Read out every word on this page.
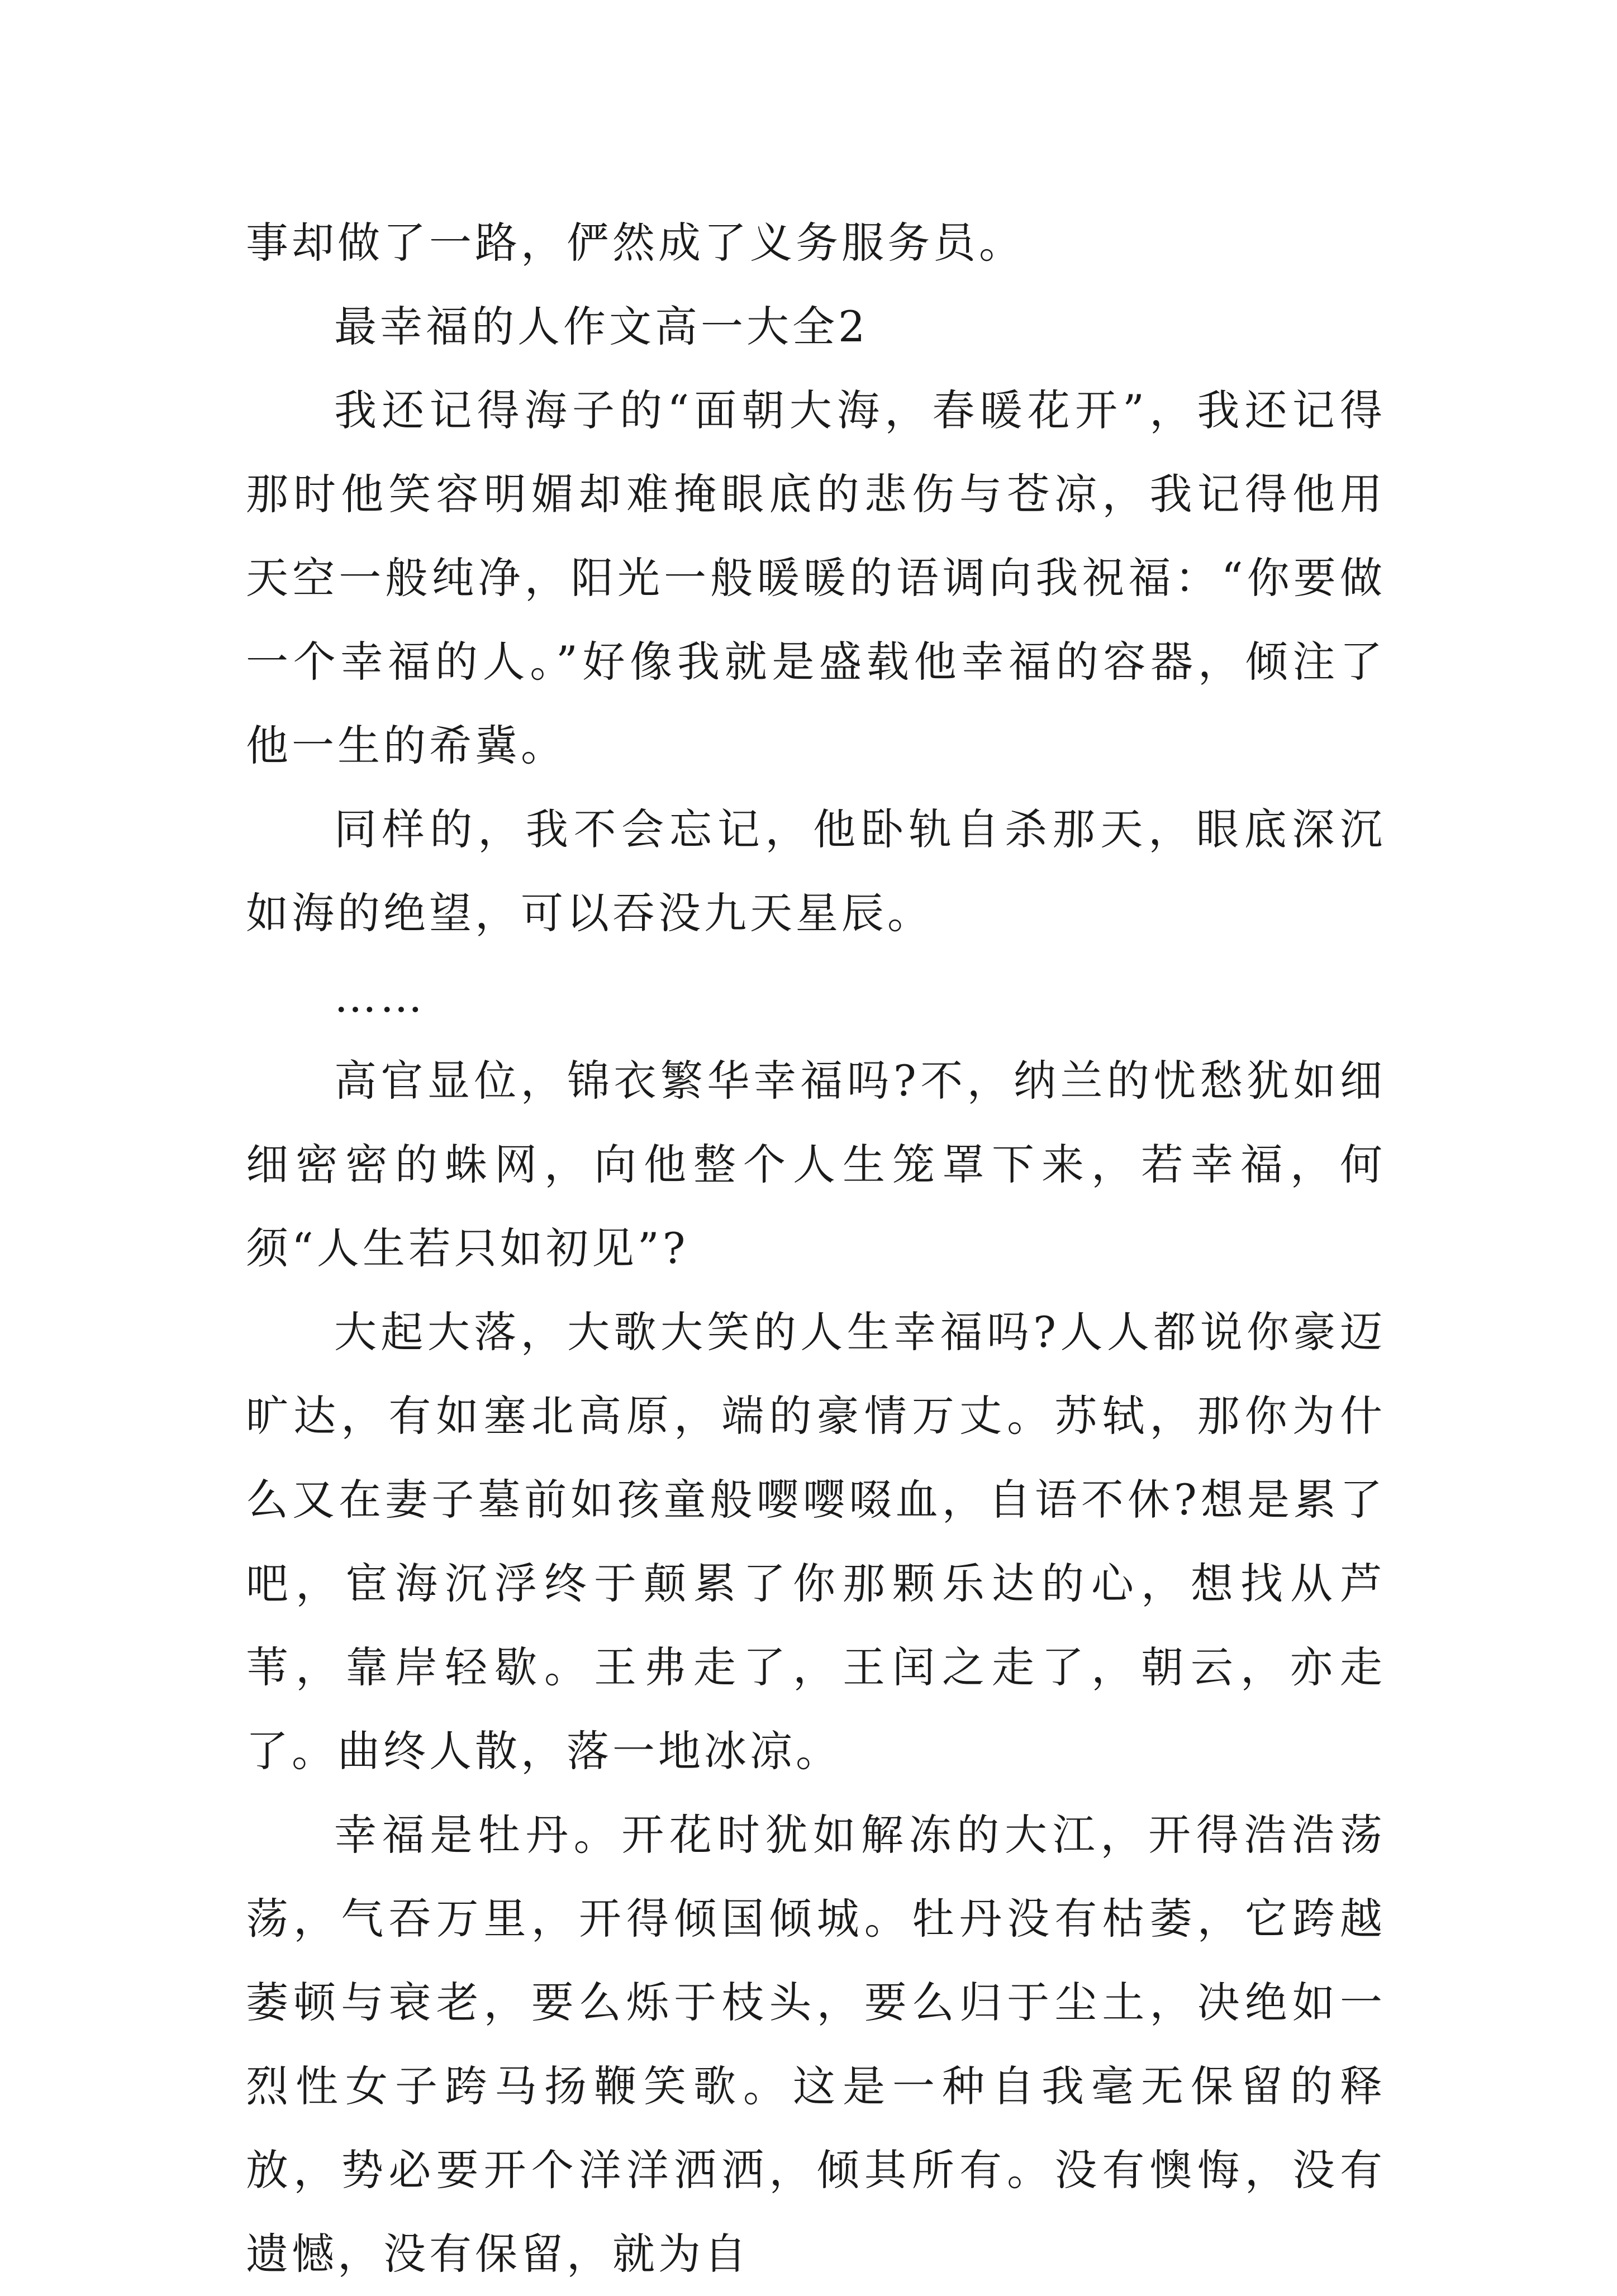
事却做了一路，俨然成了义务服务员。

最幸福的人作文高一大全2

我还记得海子的“面朝大海，春暖花开”，我还记得那时他笑容明媚却难掩眼底的悲伤与苍凉，我记得他用天空一般纯净，阳光一般暖暖的语调向我祝福：“你要做一个幸福的人。”好像我就是盛载他幸福的容器，倾注了他一生的希冀。

同样的，我不会忘记，他卧轨自杀那天，眼底深沉如海的绝望，可以吞没九天星辰。

……

高官显位，锦衣繁华幸福吗?不，纳兰的忧愁犹如细细密密的蛛网，向他整个人生笼罩下来，若幸福，何须“人生若只如初见”?

大起大落，大歌大笑的人生幸福吗?人人都说你豪迈旷达，有如塞北高原，端的豪情万丈。苏轼，那你为什么又在妻子墓前如孩童般嘤嘤啜血，自语不休?想是累了吧，宦海沉浮终于颠累了你那颗乐达的心，想找从芦苇，靠岸轻歇。王弗走了，王闰之走了，朝云，亦走了。曲终人散，落一地冰凉。

幸福是牡丹。开花时犹如解冻的大江，开得浩浩荡荡，气吞万里，开得倾国倾城。牡丹没有枯萎，它跨越萎顿与衰老，要么烁于枝头，要么归于尘土，决绝如一烈性女子跨马扬鞭笑歌。这是一种自我毫无保留的释放，势必要开个洋洋洒洒，倾其所有。没有懊悔，没有遗憾，没有保留，就为自
